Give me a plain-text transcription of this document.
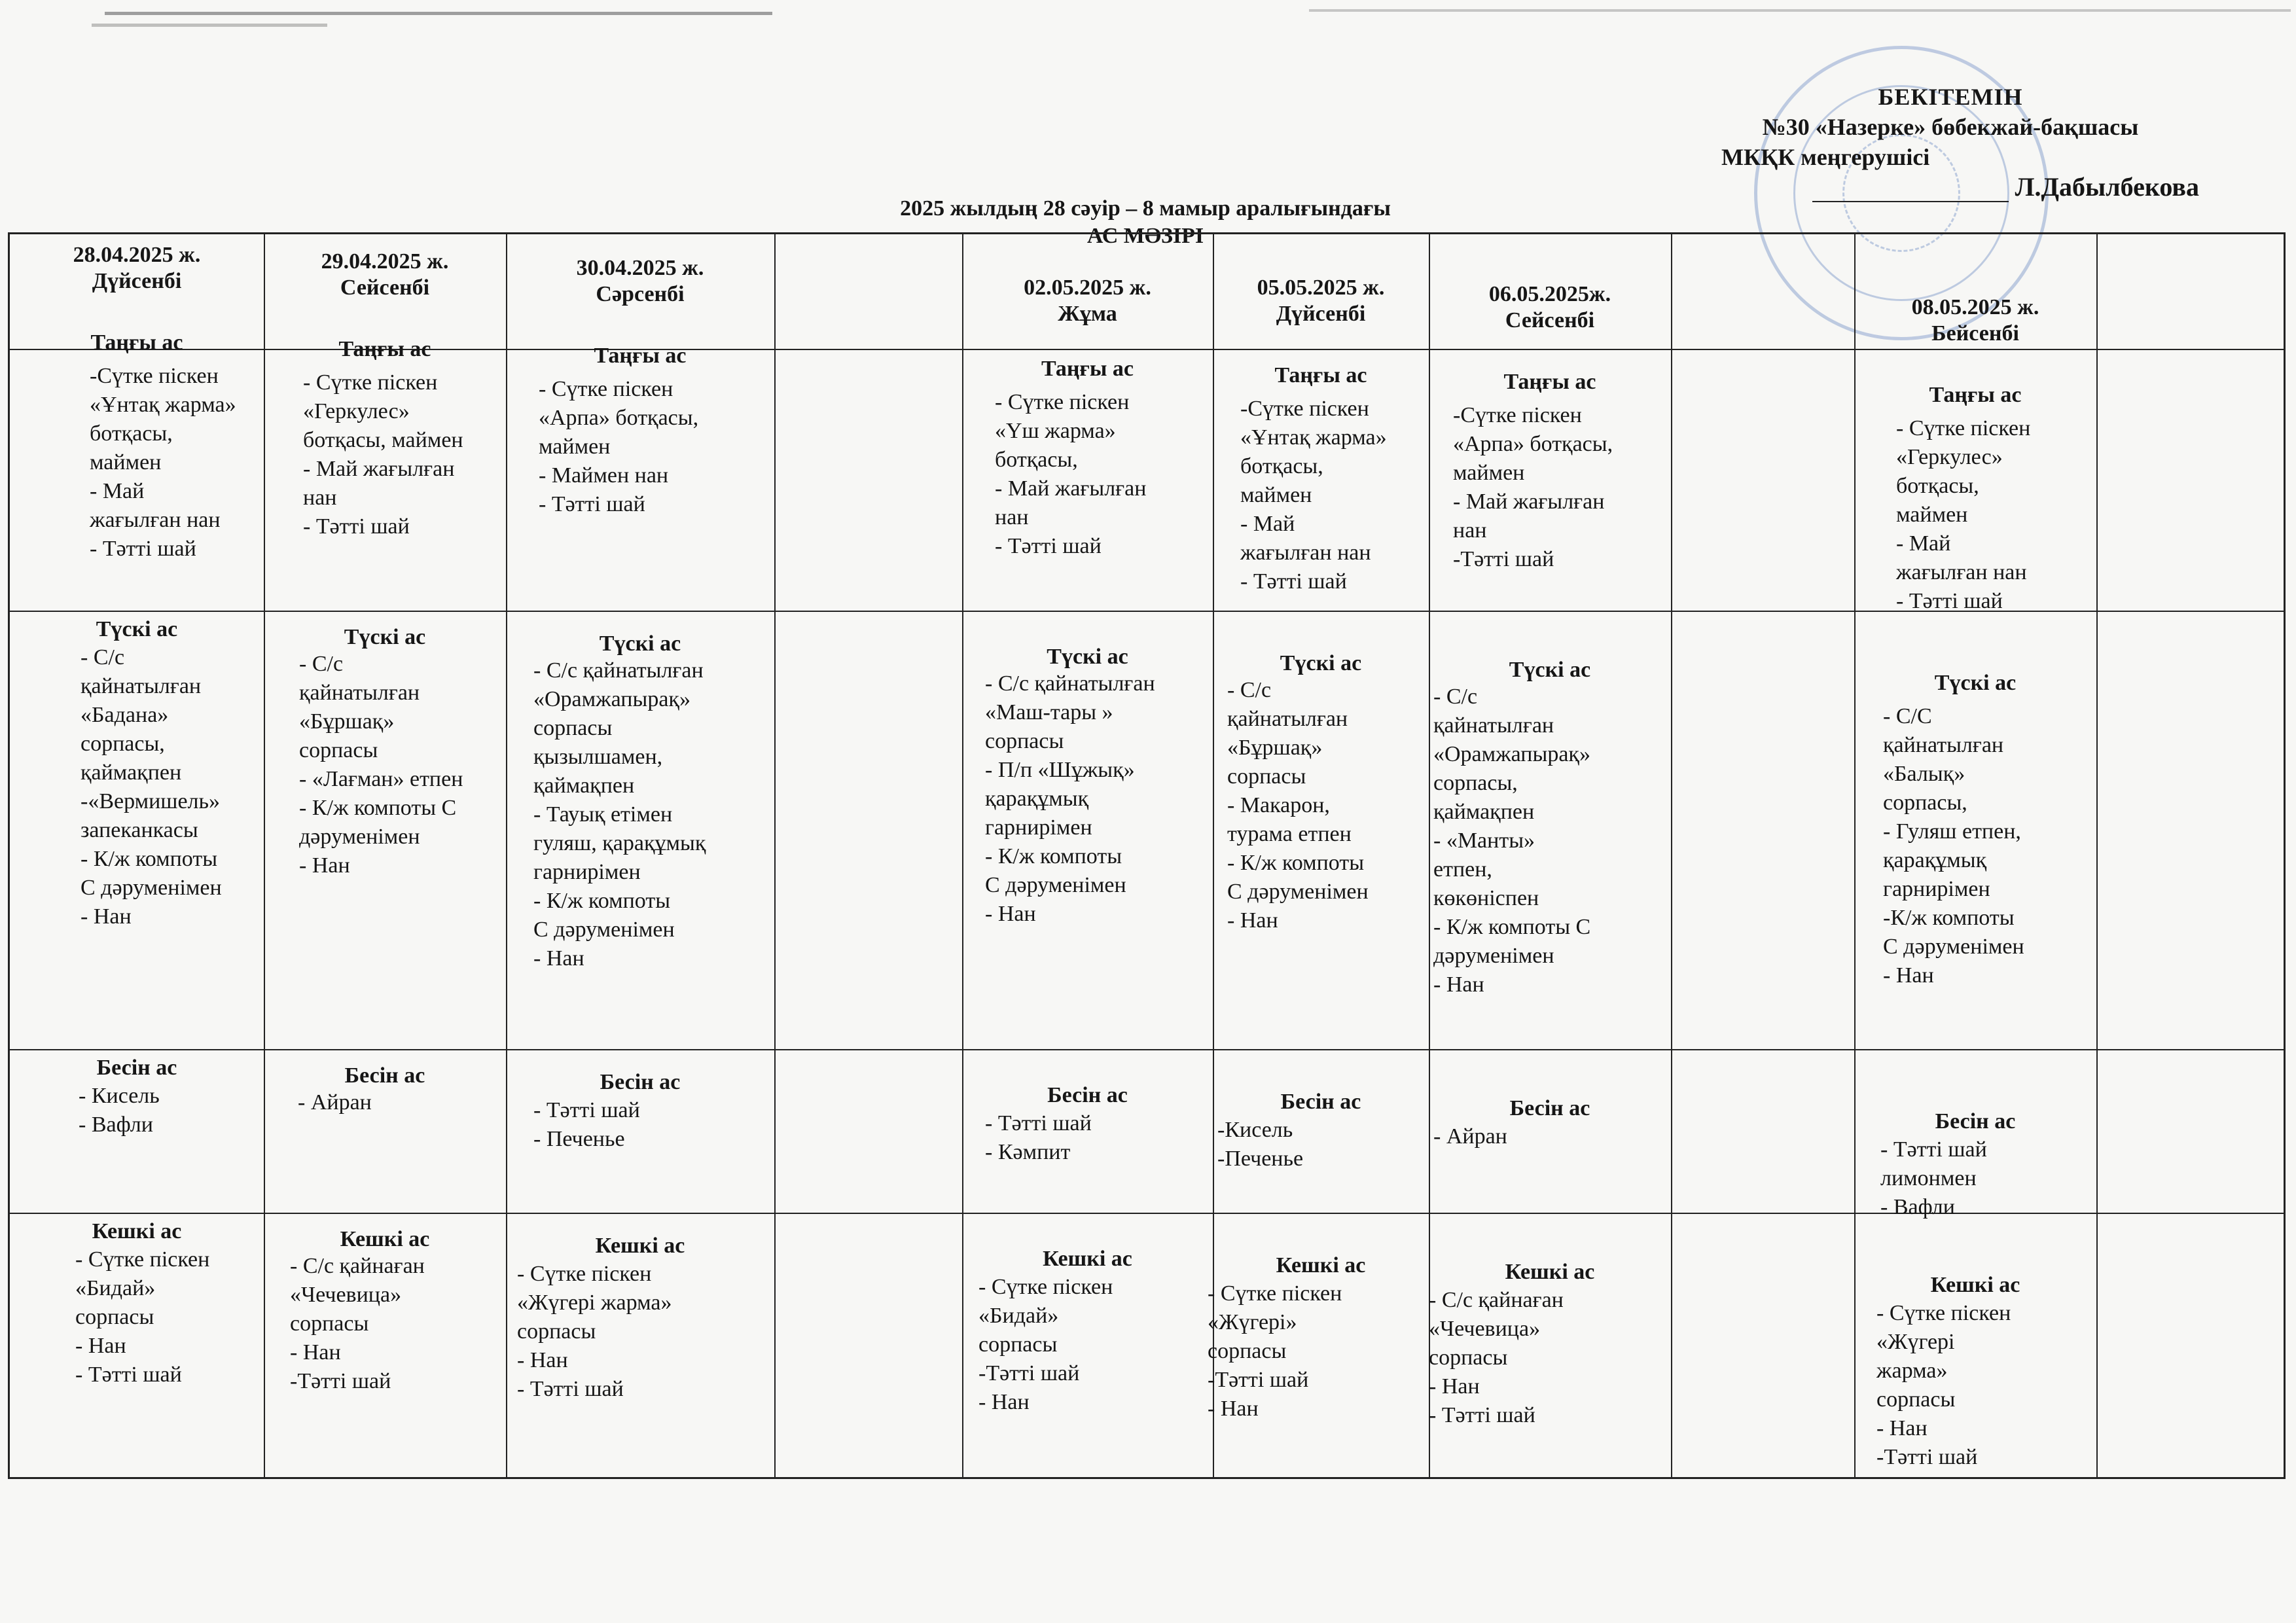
БЕКІТЕМІН
№30 «Назерке» бөбекжай-бақшасы
МКҚК меңгерушісі
Л.Дабылбекова
2025 жылдың 28 сәуір – 8 мамыр аралығындағы
АС МӘЗІРІ
28.04.2025 ж.
Дүйсенбі
Таңғы ас
-Сүтке піскен
«Ұнтақ жарма»
ботқасы,
маймен
- Май
жағылған нан
- Тәтті шай
Түскі ас
- С/с
қайнатылған
«Бадана»
сорпасы,
қаймақпен
-«Вермишель»
запеканкасы
- К/ж компоты
С дәруменімен
- Нан
Бесін ас
- Кисель
- Вафли
Кешкі ас
- Сүтке піскен
«Бидай»
сорпасы
- Нан
- Тәтті шай
29.04.2025 ж.
Сейсенбі
Таңғы ас
- Сүтке піскен
«Геркулес»
ботқасы, маймен
- Май жағылған
нан
- Тәтті шай
Түскі ас
- С/с
қайнатылған
«Бұршақ»
сорпасы
- «Лағман» етпен
- К/ж компоты С
дәруменімен
- Нан
Бесін ас
- Айран
Кешкі ас
- С/с қайнаған
«Чечевица»
сорпасы
- Нан
-Тәтті шай
30.04.2025 ж.
Сәрсенбі
Таңғы ас
- Сүтке піскен
«Арпа» ботқасы,
маймен
- Маймен нан
- Тәтті шай
Түскі ас
- С/с қайнатылған
«Орамжапырақ»
сорпасы
қызылшамен,
қаймақпен
- Тауық етімен
гуляш, қарақұмық
гарнирімен
- К/ж компоты
С дәруменімен
- Нан
Бесін ас
- Тәтті шай
- Печенье
Кешкі ас
- Сүтке піскен
«Жүгері жарма»
сорпасы
- Нан
- Тәтті шай
02.05.2025 ж.
Жұма
Таңғы ас
- Сүтке піскен
«Үш жарма»
ботқасы,
- Май жағылған
нан
- Тәтті шай
Түскі ас
- С/с қайнатылған
«Маш-тары »
сорпасы
- П/п «Шұжық»
қарақұмық
гарнирімен
- К/ж компоты
С дәруменімен
- Нан
Бесін ас
- Тәтті шай
- Кәмпит
Кешкі ас
- Сүтке піскен
«Бидай»
сорпасы
-Тәтті шай
- Нан
05.05.2025 ж.
Дүйсенбі
Таңғы ас
-Сүтке піскен
«Ұнтақ жарма»
ботқасы,
маймен
- Май
жағылған нан
- Тәтті шай
Түскі ас
- С/с
қайнатылған
«Бұршақ»
сорпасы
- Макарон,
турама етпен
- К/ж компоты
С дәруменімен
- Нан
Бесін ас
-Кисель
-Печенье
Кешкі ас
- Сүтке піскен
«Жүгері»
сорпасы
-Тәтті шай
- Нан
06.05.2025ж.
Сейсенбі
Таңғы ас
-Сүтке піскен
«Арпа» ботқасы,
маймен
- Май жағылған
нан
-Тәтті шай
Түскі ас
- С/с
қайнатылған
«Орамжапырақ»
сорпасы,
қаймақпен
- «Манты»
етпен,
көкөніспен
- К/ж компоты С
дәруменімен
- Нан
Бесін ас
- Айран
Кешкі ас
- С/с қайнаған
«Чечевица»
сорпасы
- Нан
- Тәтті шай
08.05.2025 ж.
Бейсенбі
Таңғы ас
- Сүтке піскен
«Геркулес»
ботқасы,
маймен
- Май
жағылған нан
- Тәтті шай
Түскі ас
- С/С
қайнатылған
«Балық»
сорпасы,
- Гуляш етпен,
қарақұмық
гарнирімен
-К/ж компоты
С дәруменімен
- Нан
Бесін ас
- Тәтті шай
лимонмен
- Вафли
Кешкі ас
- Сүтке піскен
«Жүгері
жарма»
сорпасы
- Нан
-Тәтті шай
